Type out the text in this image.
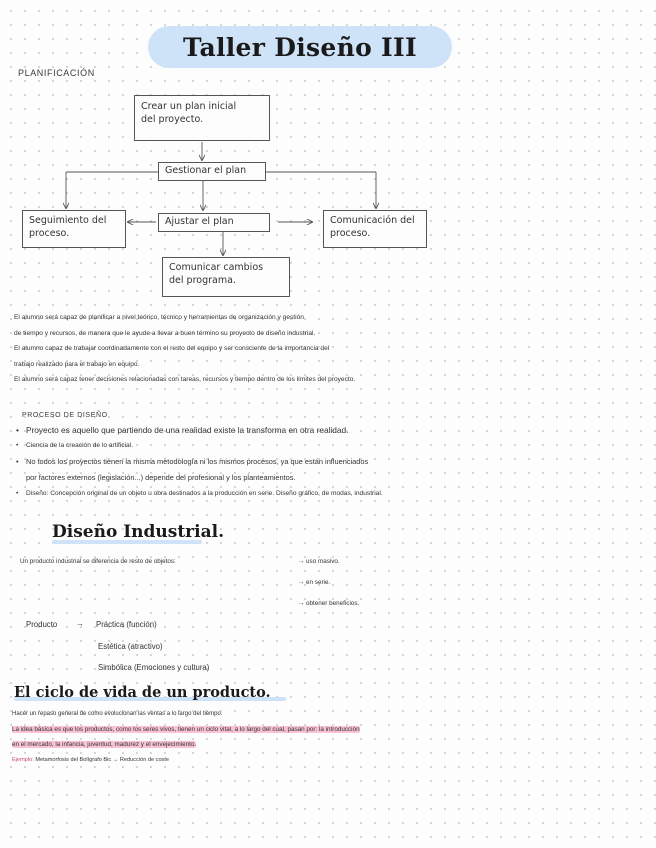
Taller Diseño III
PLANIFICACIÓN
Crear un plan inicial
del proyecto.
Gestionar el plan
Seguimiento del
proceso.
Ajustar el plan	Comunicación del
proceso.
Comunicar cambios
del programa.
El alumno será capaz de planificar a nivel teórico, técnico y herramientas de organización y gestión
de tiempo y recursos, de manera que le ayude a llevar a buen término su proyecto de diseño industrial.
El alumno capaz de trabajar coordinadamente con el resto del equipo y ser consciente de la importancia del
trabajo realizado para el trabajo en equipo.
El alumno será capaz tener decisiones relacionadas con tareas, recursos y tiempo dentro de los límites del proyecto.
PROCESO DE DISEÑO
• Proyecto es aquello que partiendo de una realidad existe la transforma en otra realidad.
• Ciencia de la creación de lo artificial.
• No todos los proyectos tienen la misma metodología ni los mismos procesos, ya que están influenciados
por factores externos (legislación...) depende del profesional y los planteamientos.
• Diseño: Concepción original de un objeto u obra destinados a la producción en serie. Diseño gráfico, de modas, industrial.
Diseño Industrial.
Un producto industrial se diferencia de resto de objetos:	→ uso masivo.
→ en serie.
→ obtener beneficios.
Producto → Práctica (función)
Estética (atractivo)
Simbólica (Emociones y cultura)
El ciclo de vida de un producto.
Hacer un repaso general de como evolucionan las ventas a lo largo del tiempo.
La idea básica es que los productos, como los seres vivos, tienen un ciclo vital, a lo largo del cual, pasan por: la introducción
en el mercado, la infancia, juventud, madurez y el envejecimiento.
Ejemplo: Metamorfosis del Bolígrafo Bic → Reducción de coste
